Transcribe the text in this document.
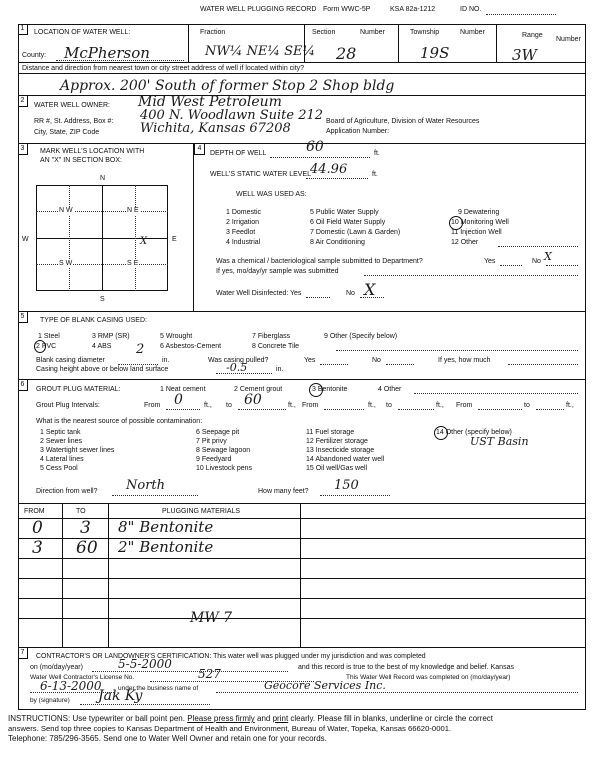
WATER WELL PLUGGING RECORD Form WWC-5P	KSA 82a-1212	ID NO.
1
LOCATION OF WATER WELL:	Fraction	Section	Number	Township	Number	Range
Number
County: McPherson	NW¼ NE¼ SE¼ 28	19S	3W
Distance and direction from nearest town or city street address of well if located within city?
Approx. 200' South of former Stop 2 Shop bldg
2
WATER WELL OWNER: Mid West Petroleum
RR #, St. Address, Box #: 400 N. Woodlawn Suite 212
City, State, ZIP Code	Wichita, Kansas 67208	Board of Agriculture, Division of Water Resources
Application Number:
3	MARK WELL'S LOCATION WITH
AN "X" IN SECTION BOX:
N
S
W	E
N W	N E
S W	S E
X
4
DEPTH OF WELL	60	ft.
WELL'S STATIC WATER LEVEL
44.96	ft.
WELL WAS USED AS:
1 Domestic	5 Public Water Supply	9 Dewatering
2 Irrigation	6 Oil Field Water Supply	10 Monitoring Well
3 Feedlot	7 Domestic (Lawn & Garden)	11 Injection Well
4 Industrial	8 Air Conditioning	12 Other
Was a chemical / bacteriological sample submitted to Department?	Yes	No X
If yes, mo/day/yr sample was submitted
Water Well Disinfected: Yes	No X
5
TYPE OF BLANK CASING USED:
1 Steel	3 RMP (SR)	5 Wrought	7 Fiberglass	9 Other (Specify below)
2 PVC	4 ABS	6 Asbestos-Cement	8 Concrete Tile
Blank casing diameter
2
in.	Was casing pulled?	Yes	No	If yes, how much
Casing height above or below land surface	-0.5	in.
6
GROUT PLUG MATERIAL:	1 Neat cement	2 Cement grout	3 Bentonite	4 Other
Grout Plug Intervals:	From 0	ft., to 60	ft., From	ft., to	ft., From	to	ft.,
What is the nearest source of possible contamination:
1 Septic tank	6 Seepage pit	11 Fuel storage	14 Other (specify below)
2 Sewer lines	7 Pit privy	12 Fertilizer storage	UST Basin
3 Watertight sewer lines	8 Sewage lagoon	13 Insecticide storage
4 Lateral lines	9 Feedyard	14 Abandoned water well
5 Cess Pool	10 Livestock pens	15 Oil well/Gas well
Direction from well? North	How many feet? 150
FROM	TO	PLUGGING MATERIALS
0 3 8" Bentonite
3 60 2" Bentonite
MW 7
7
CONTRACTOR'S OR LANDOWNER'S CERTIFICATION: This water well was plugged under my jurisdiction and was completed
on (mo/day/year)	5-5-2000	and this record is true to the best of my knowledge and belief. Kansas
Water Well Contractor's License No.	527	This Water Well Record was completed on (mo/day/year)
6-13-2000	under the business name of	Geocore Services Inc.
by (signature) Jak Ky
INSTRUCTIONS: Use typewriter or ball point pen. Please press firmly and print clearly. Please fill in blanks, underline or circle the correct
answers. Send top three copies to Kansas Department of Health and Environment, Bureau of Water, Topeka, Kansas 66620-0001.
Telephone: 785/296-3565. Send one to Water Well Owner and retain one for your records.
